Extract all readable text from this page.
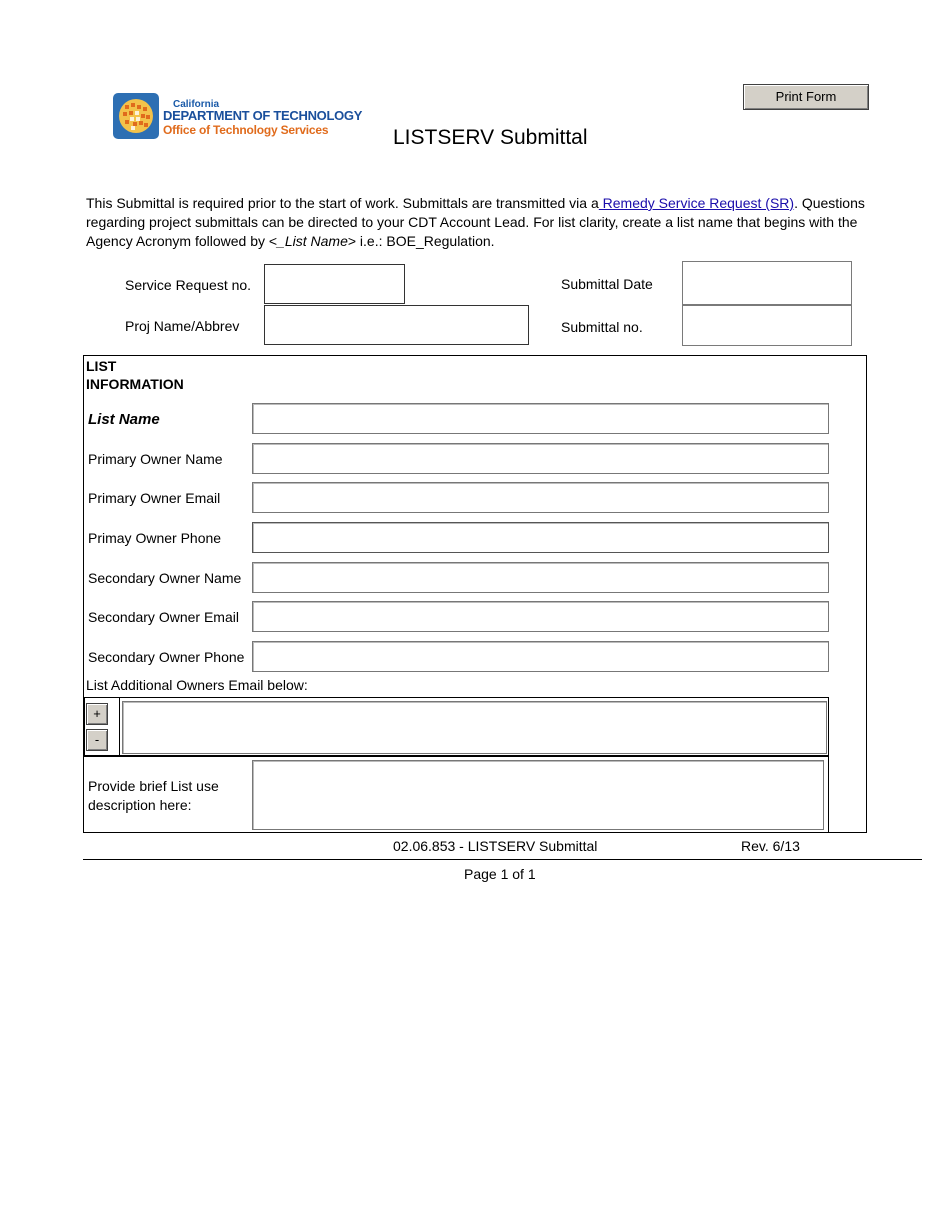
California
DEPARTMENT OF TECHNOLOGY
Office of Technology Services
Print Form
LISTSERV Submittal
This Submittal is required prior to the start of work. Submittals are transmitted via a Remedy Service Request (SR). Questions regarding project submittals can be directed to your CDT Account Lead. For list clarity, create a list name that begins with the Agency Acronym followed by <_List Name> i.e.: BOE_Regulation.
Service Request no.
Proj Name/Abbrev
Submittal Date
Submittal no.
LIST
INFORMATION
List Name
Primary Owner Name
Primary Owner Email
Primay Owner Phone
Secondary Owner Name
Secondary Owner Email
Secondary Owner Phone
List Additional Owners Email below:
+
-
Provide brief List use
description here:
02.06.853 - LISTSERV Submittal	Rev. 6/13
Page 1 of 1
